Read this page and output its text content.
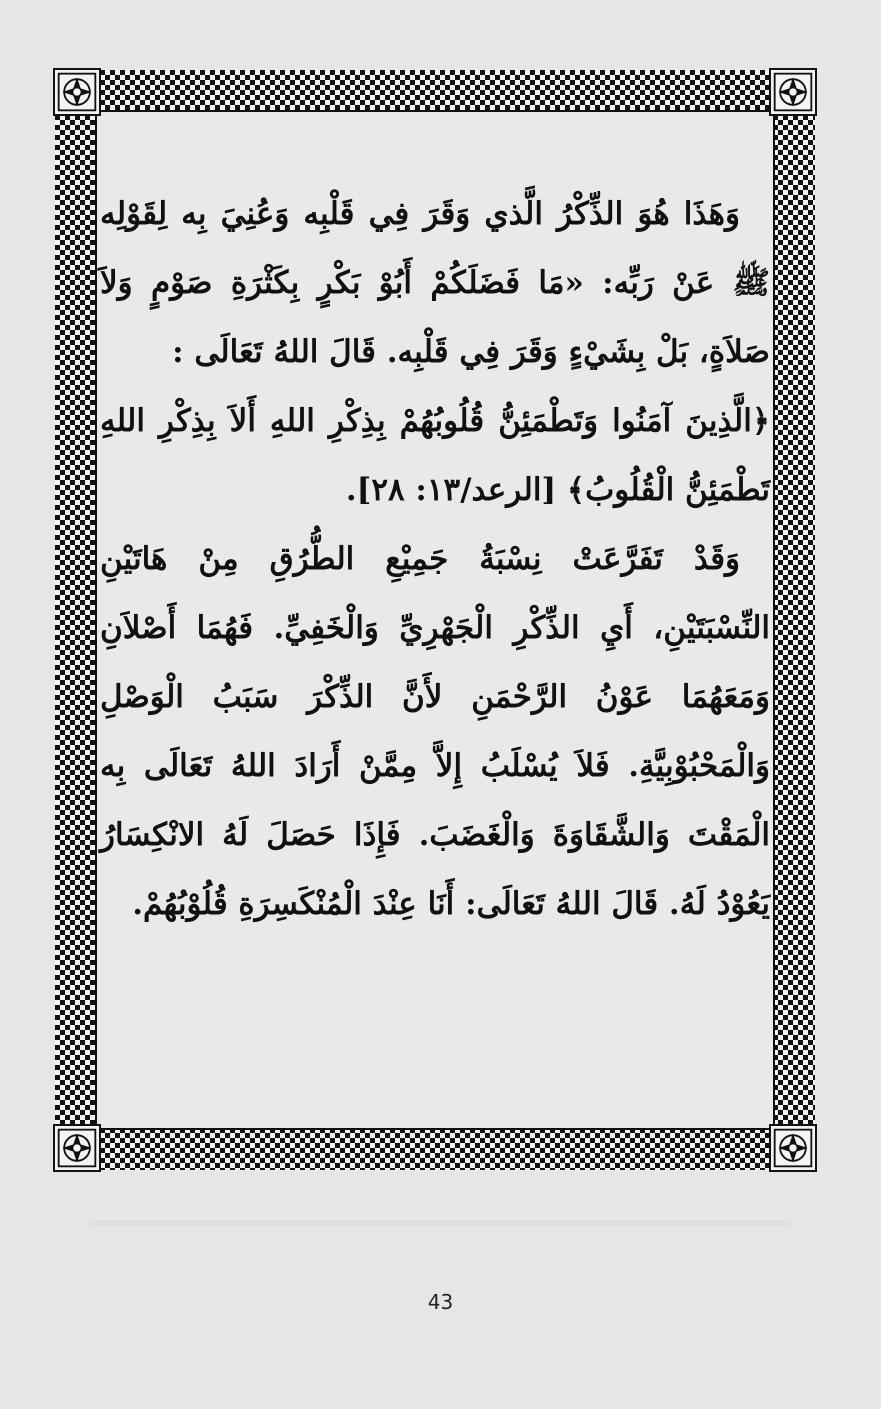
وَهَذَا هُوَ الذِّكْرُ الَّذي وَقَرَ فِي قَلْبِه وَعُنِيَ بِه لِقَوْلِه ﷺ عَنْ رَبِّه: «مَا فَضَلَكُمْ أَبُوْ بَكْرٍ بِكَثْرَةِ صَوْمٍ وَلاَ صَلاَةٍ، بَلْ بِشَيْءٍ وَقَرَ فِي قَلْبِه. قَالَ اللهُ تَعَالَى :

﴿الَّذِينَ آمَنُوا وَتَطْمَئِنُّ قُلُوبُهُمْ بِذِكْرِ اللهِ أَلاَ بِذِكْرِ اللهِ تَطْمَئِنُّ الْقُلُوبُ﴾ [الرعد/١٣: ٢٨].

وَقَدْ تَفَرَّعَتْ نِسْبَةُ جَمِيْعِ الطُّرُقِ مِنْ هَاتَيْنِ النِّسْبَتَيْنِ، أَيِ الذِّكْرِ الْجَهْرِيِّ وَالْخَفِيِّ. فَهُمَا أَصْلاَنِ وَمَعَهُمَا عَوْنُ الرَّحْمَنِ لأَنَّ الذِّكْرَ سَبَبُ الْوَصْلِ وَالْمَحْبُوْبِيَّةِ. فَلاَ يُسْلَبُ إِلاَّ مِمَّنْ أَرَادَ اللهُ تَعَالَى بِه الْمَقْتَ وَالشَّقَاوَةَ وَالْغَضَبَ. فَإِذَا حَصَلَ لَهُ الانْكِسَارُ يَعُوْدُ لَهُ. قَالَ اللهُ تَعَالَى: أَنَا عِنْدَ الْمُنْكَسِرَةِ قُلُوْبُهُمْ.

43
